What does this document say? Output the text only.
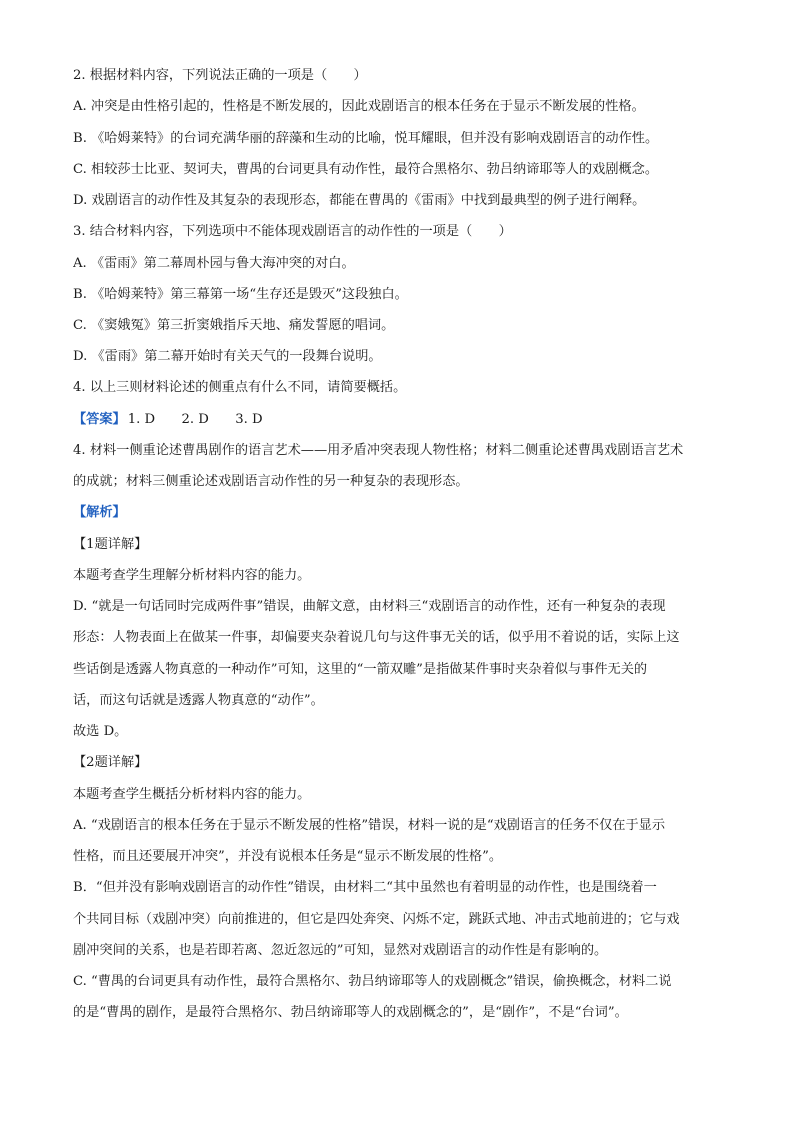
2. 根据材料内容，下列说法正确的一项是（　　）
A. 冲突是由性格引起的，性格是不断发展的，因此戏剧语言的根本任务在于显示不断发展的性格。
B. 《哈姆莱特》的台词充满华丽的辞藻和生动的比喻，悦耳耀眼，但并没有影响戏剧语言的动作性。
C. 相较莎士比亚、契诃夫，曹禺的台词更具有动作性，最符合黑格尔、勃吕纳谛耶等人的戏剧概念。
D. 戏剧语言的动作性及其复杂的表现形态，都能在曹禺的《雷雨》中找到最典型的例子进行阐释。
3. 结合材料内容，下列选项中不能体现戏剧语言的动作性的一项是（　　）
A. 《雷雨》第二幕周朴园与鲁大海冲突的对白。
B. 《哈姆莱特》第三幕第一场“生存还是毁灭”这段独白。
C. 《窦娥冤》第三折窦娥指斥天地、痛发誓愿的唱词。
D. 《雷雨》第二幕开始时有关天气的一段舞台说明。
4. 以上三则材料论述的侧重点有什么不同，请简要概括。
【答案】 1. D　　2. D　　3. D
4. 材料一侧重论述曹禺剧作的语言艺术——用矛盾冲突表现人物性格；材料二侧重论述曹禺戏剧语言艺术
的成就；材料三侧重论述戏剧语言动作性的另一种复杂的表现形态。
【解析】
【1题详解】
本题考查学生理解分析材料内容的能力。
D. “就是一句话同时完成两件事”错误，曲解文意，由材料三“戏剧语言的动作性，还有一种复杂的表现
形态：人物表面上在做某一件事，却偏要夹杂着说几句与这件事无关的话，似乎用不着说的话，实际上这
些话倒是透露人物真意的一种动作”可知，这里的“一箭双雕”是指做某件事时夹杂着似与事件无关的
话，而这句话就是透露人物真意的“动作”。
故选 D。
【2题详解】
本题考查学生概括分析材料内容的能力。
A. “戏剧语言的根本任务在于显示不断发展的性格”错误，材料一说的是“戏剧语言的任务不仅在于显示
性格，而且还要展开冲突”，并没有说根本任务是“显示不断发展的性格”。
B．“但并没有影响戏剧语言的动作性”错误，由材料二“其中虽然也有着明显的动作性，也是围绕着一
个共同目标（戏剧冲突）向前推进的，但它是四处奔突、闪烁不定，跳跃式地、冲击式地前进的；它与戏
剧冲突间的关系，也是若即若离、忽近忽远的”可知，显然对戏剧语言的动作性是有影响的。
C. “曹禺的台词更具有动作性，最符合黑格尔、勃吕纳谛耶等人的戏剧概念”错误，偷换概念，材料二说
的是“曹禺的剧作，是最符合黑格尔、勃吕纳谛耶等人的戏剧概念的”，是“剧作”，不是“台词”。
